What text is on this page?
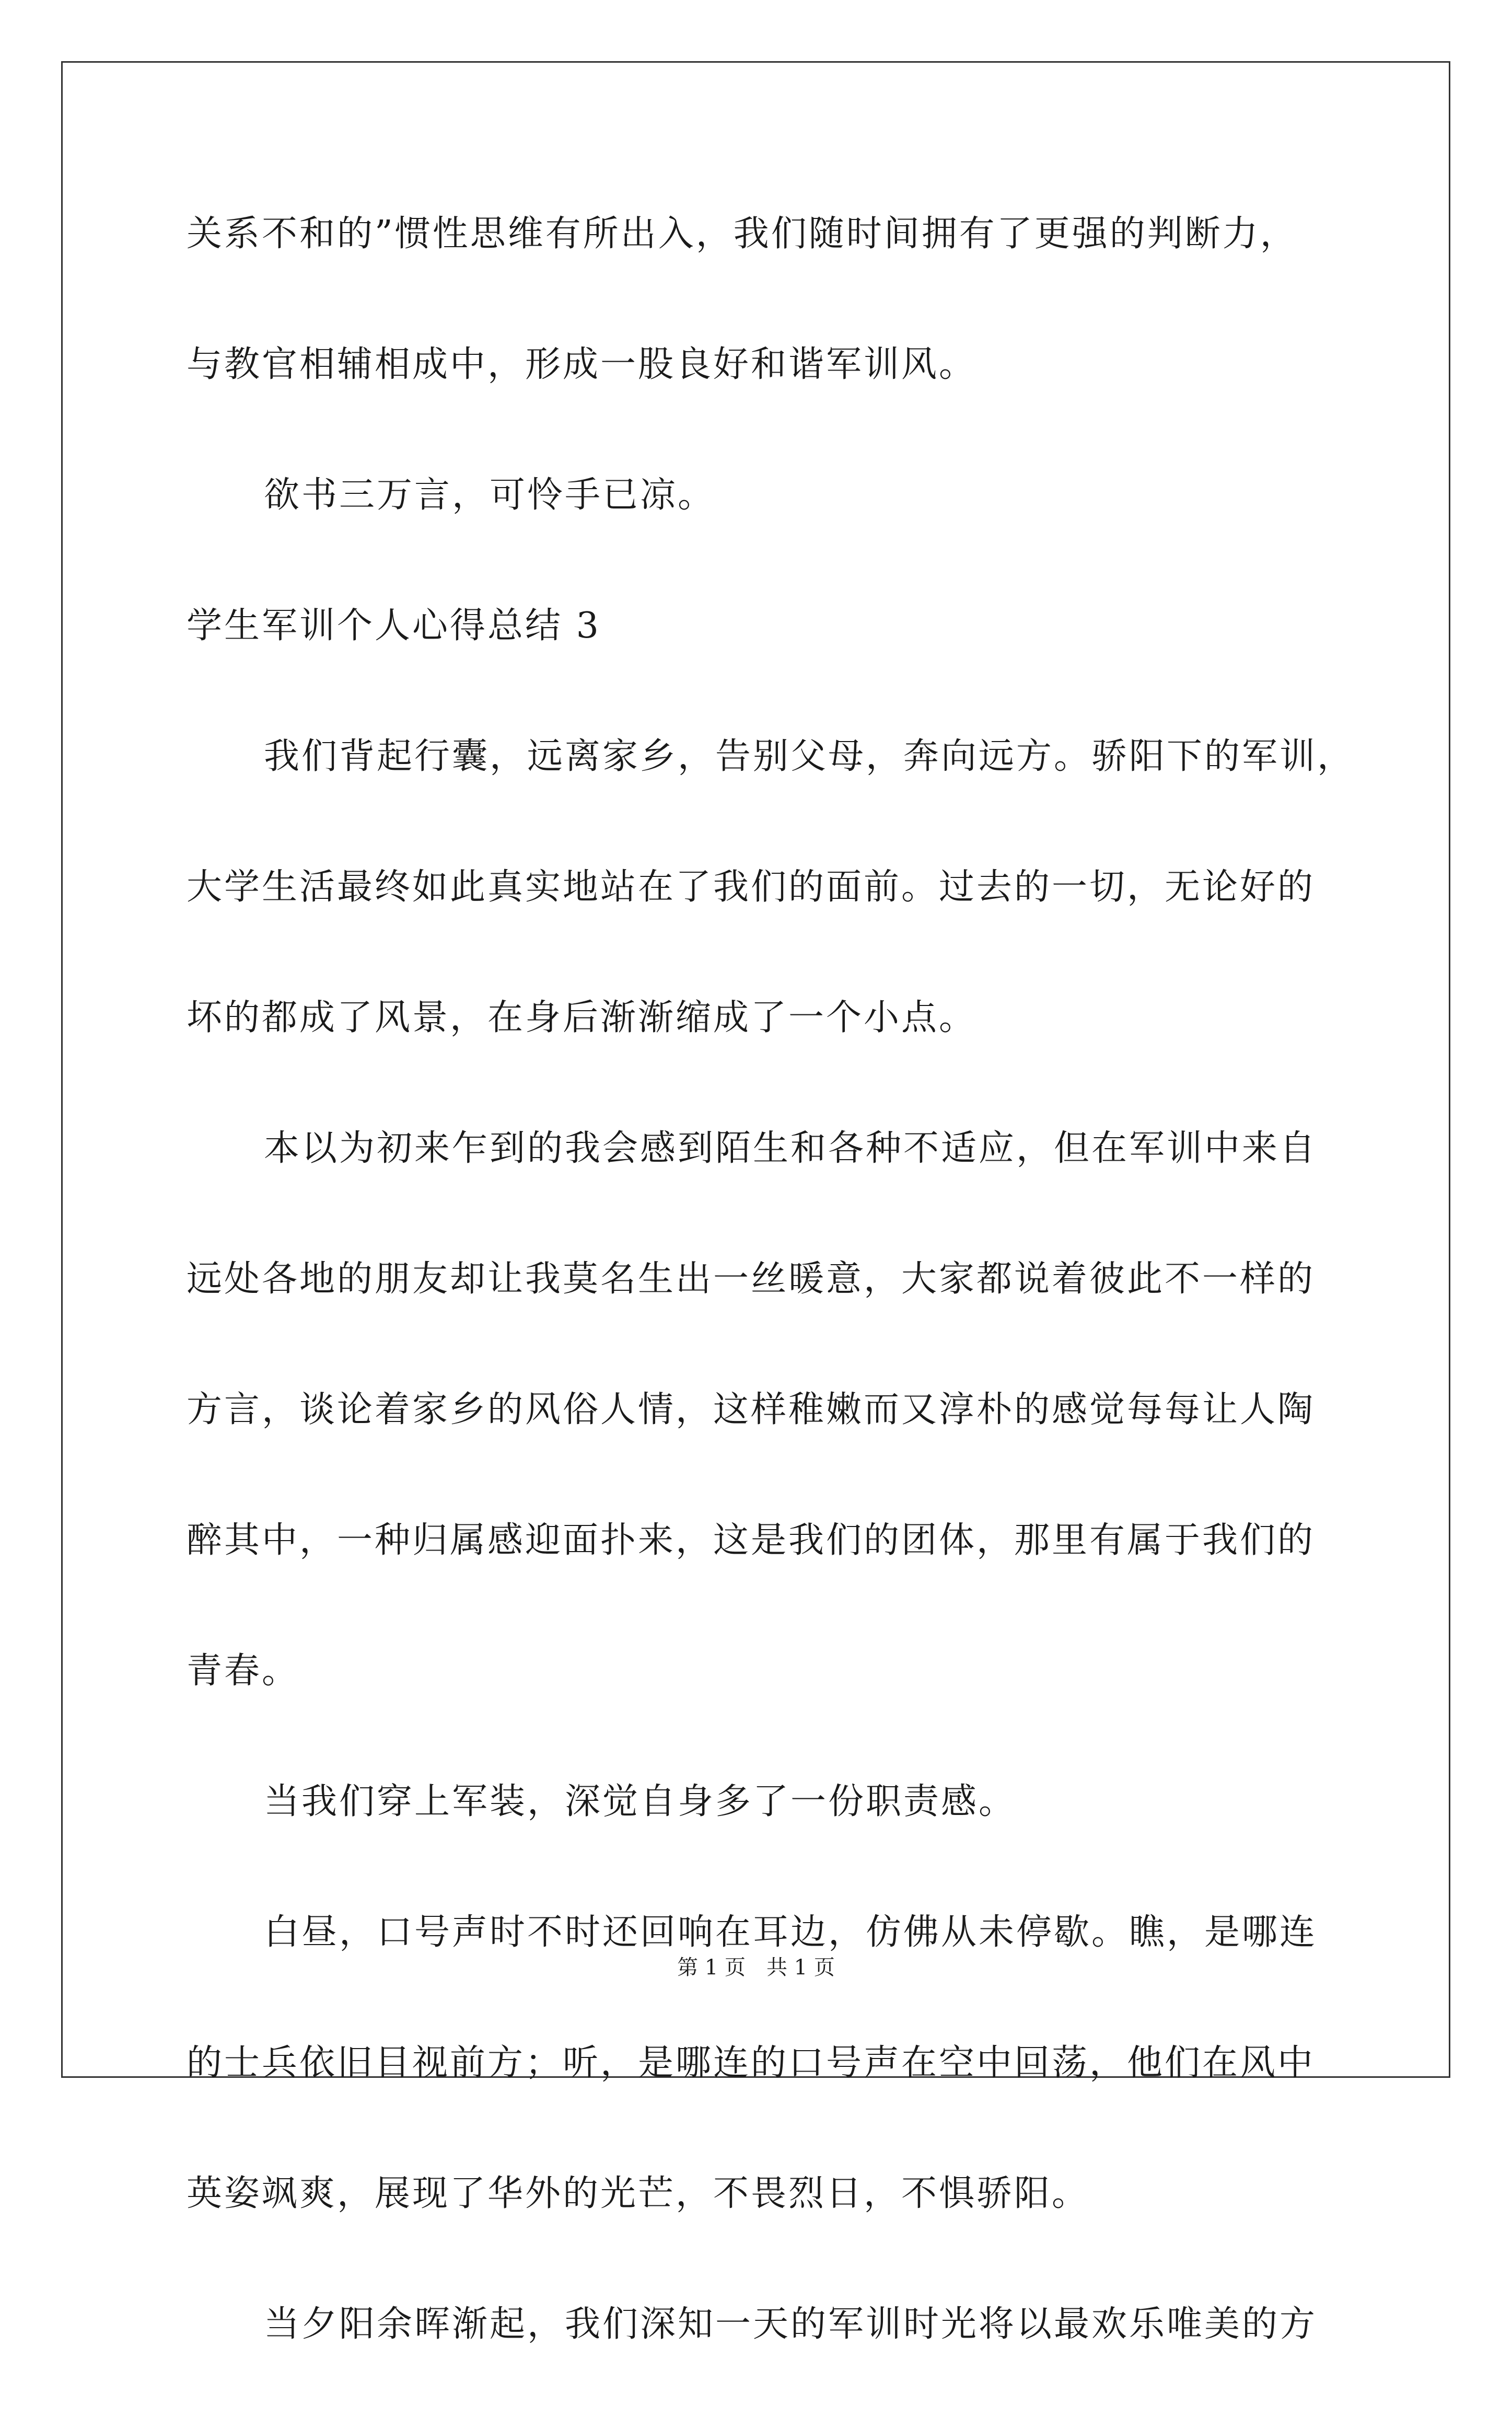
关系不和的”惯性思维有所出入，我们随时间拥有了更强的判断力，
与教官相辅相成中，形成一股良好和谐军训风。
欲书三万言，可怜手已凉。
学生军训个人心得总结 3
我们背起行囊，远离家乡，告别父母，奔向远方。骄阳下的军训，
大学生活最终如此真实地站在了我们的面前。过去的一切，无论好的
坏的都成了风景，在身后渐渐缩成了一个小点。
本以为初来乍到的我会感到陌生和各种不适应，但在军训中来自
远处各地的朋友却让我莫名生出一丝暖意，大家都说着彼此不一样的
方言，谈论着家乡的风俗人情，这样稚嫩而又淳朴的感觉每每让人陶
醉其中，一种归属感迎面扑来，这是我们的团体，那里有属于我们的
青春。
当我们穿上军装，深觉自身多了一份职责感。
白昼，口号声时不时还回响在耳边，仿佛从未停歇。瞧，是哪连
的士兵依旧目视前方；听，是哪连的口号声在空中回荡，他们在风中
英姿飒爽，展现了华外的光芒，不畏烈日，不惧骄阳。
当夕阳余晖渐起，我们深知一天的军训时光将以最欢乐唯美的方
第 1 页 共 1 页
